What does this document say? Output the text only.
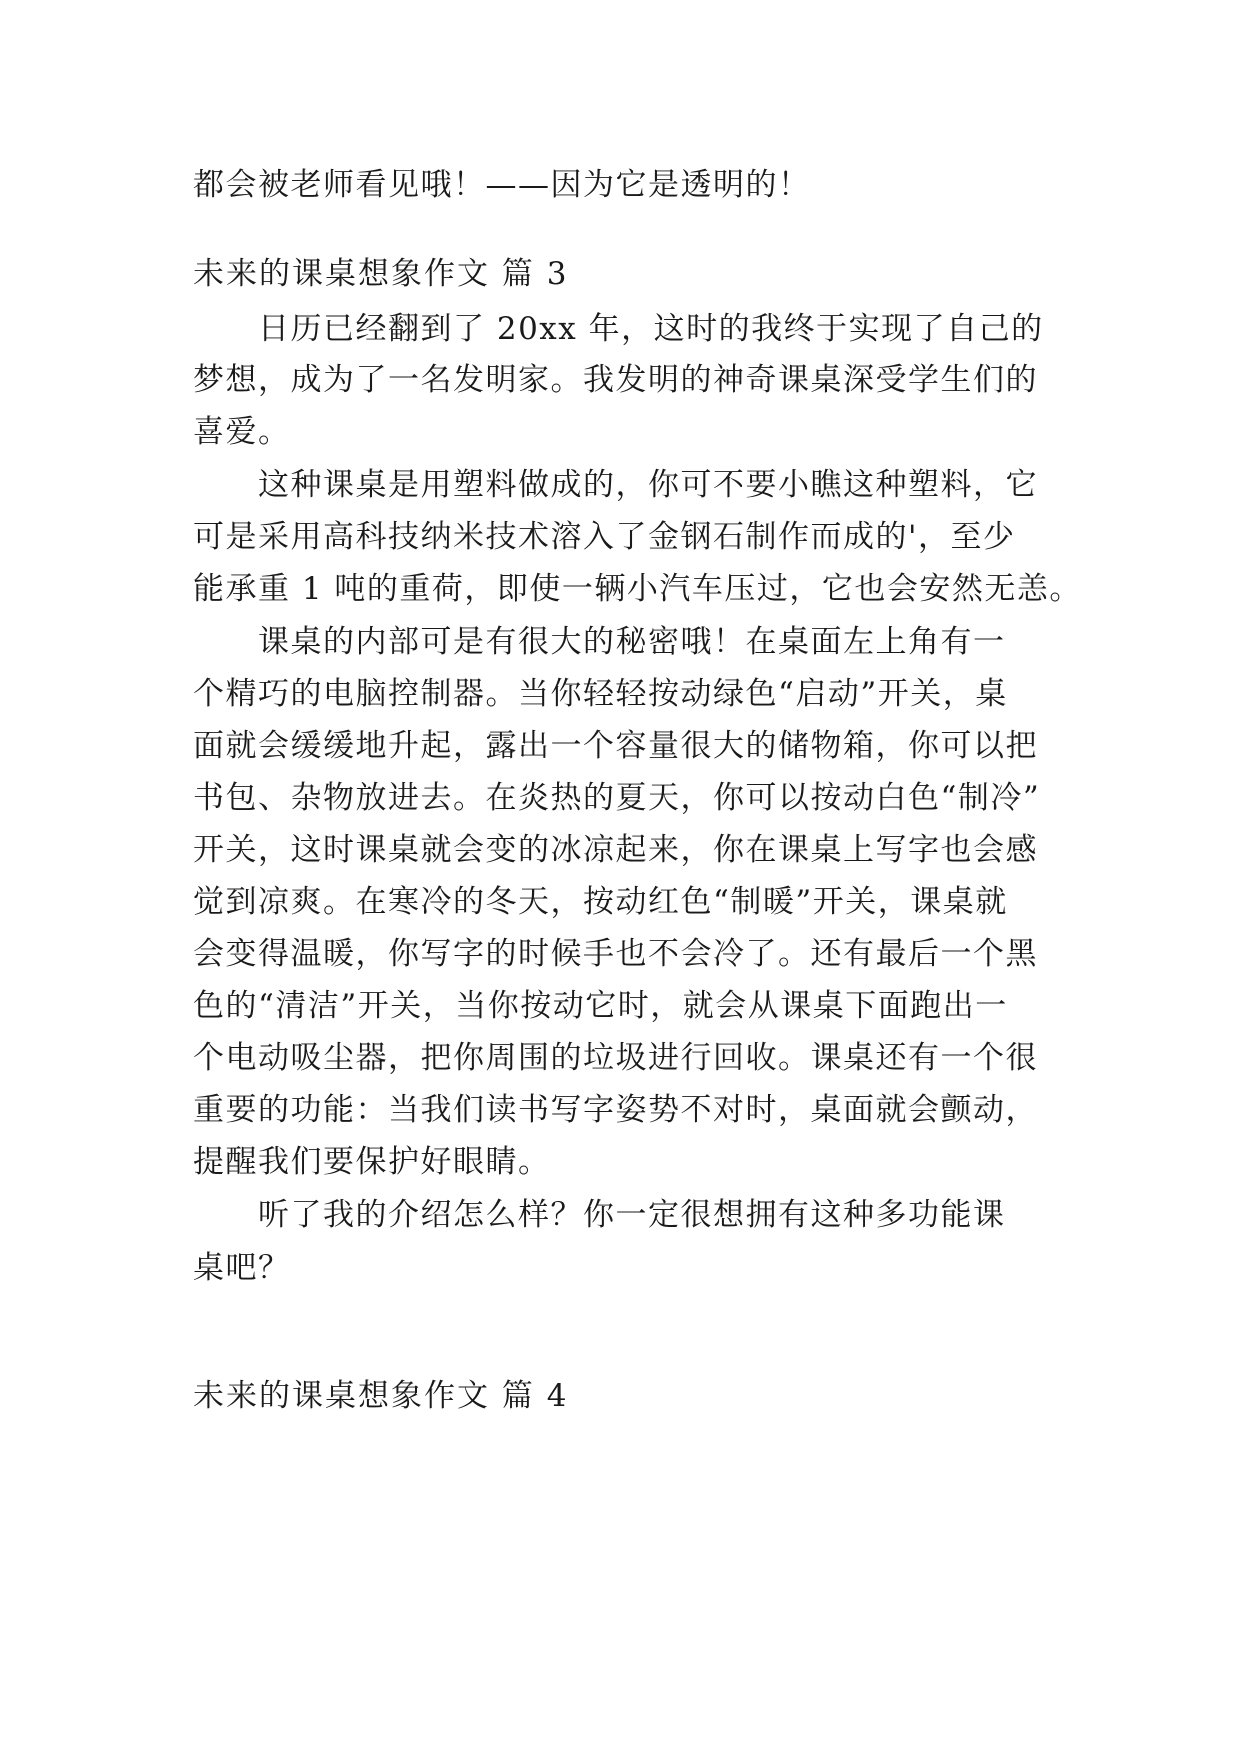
都会被老师看见哦！——因为它是透明的！
未来的课桌想象作文 篇 3
日历已经翻到了 20xx 年，这时的我终于实现了自己的
梦想，成为了一名发明家。我发明的神奇课桌深受学生们的
喜爱。
这种课桌是用塑料做成的，你可不要小瞧这种塑料，它
可是采用高科技纳米技术溶入了金钢石制作而成的'，至少
能承重 1 吨的重荷，即使一辆小汽车压过，它也会安然无恙。
课桌的内部可是有很大的秘密哦！在桌面左上角有一
个精巧的电脑控制器。当你轻轻按动绿色“启动”开关，桌
面就会缓缓地升起，露出一个容量很大的储物箱，你可以把
书包、杂物放进去。在炎热的夏天，你可以按动白色“制冷”
开关，这时课桌就会变的冰凉起来，你在课桌上写字也会感
觉到凉爽。在寒冷的冬天，按动红色“制暖”开关，课桌就
会变得温暖，你写字的时候手也不会冷了。还有最后一个黑
色的“清洁”开关，当你按动它时，就会从课桌下面跑出一
个电动吸尘器，把你周围的垃圾进行回收。课桌还有一个很
重要的功能：当我们读书写字姿势不对时，桌面就会颤动，
提醒我们要保护好眼睛。
听了我的介绍怎么样？你一定很想拥有这种多功能课
桌吧？
未来的课桌想象作文 篇 4
